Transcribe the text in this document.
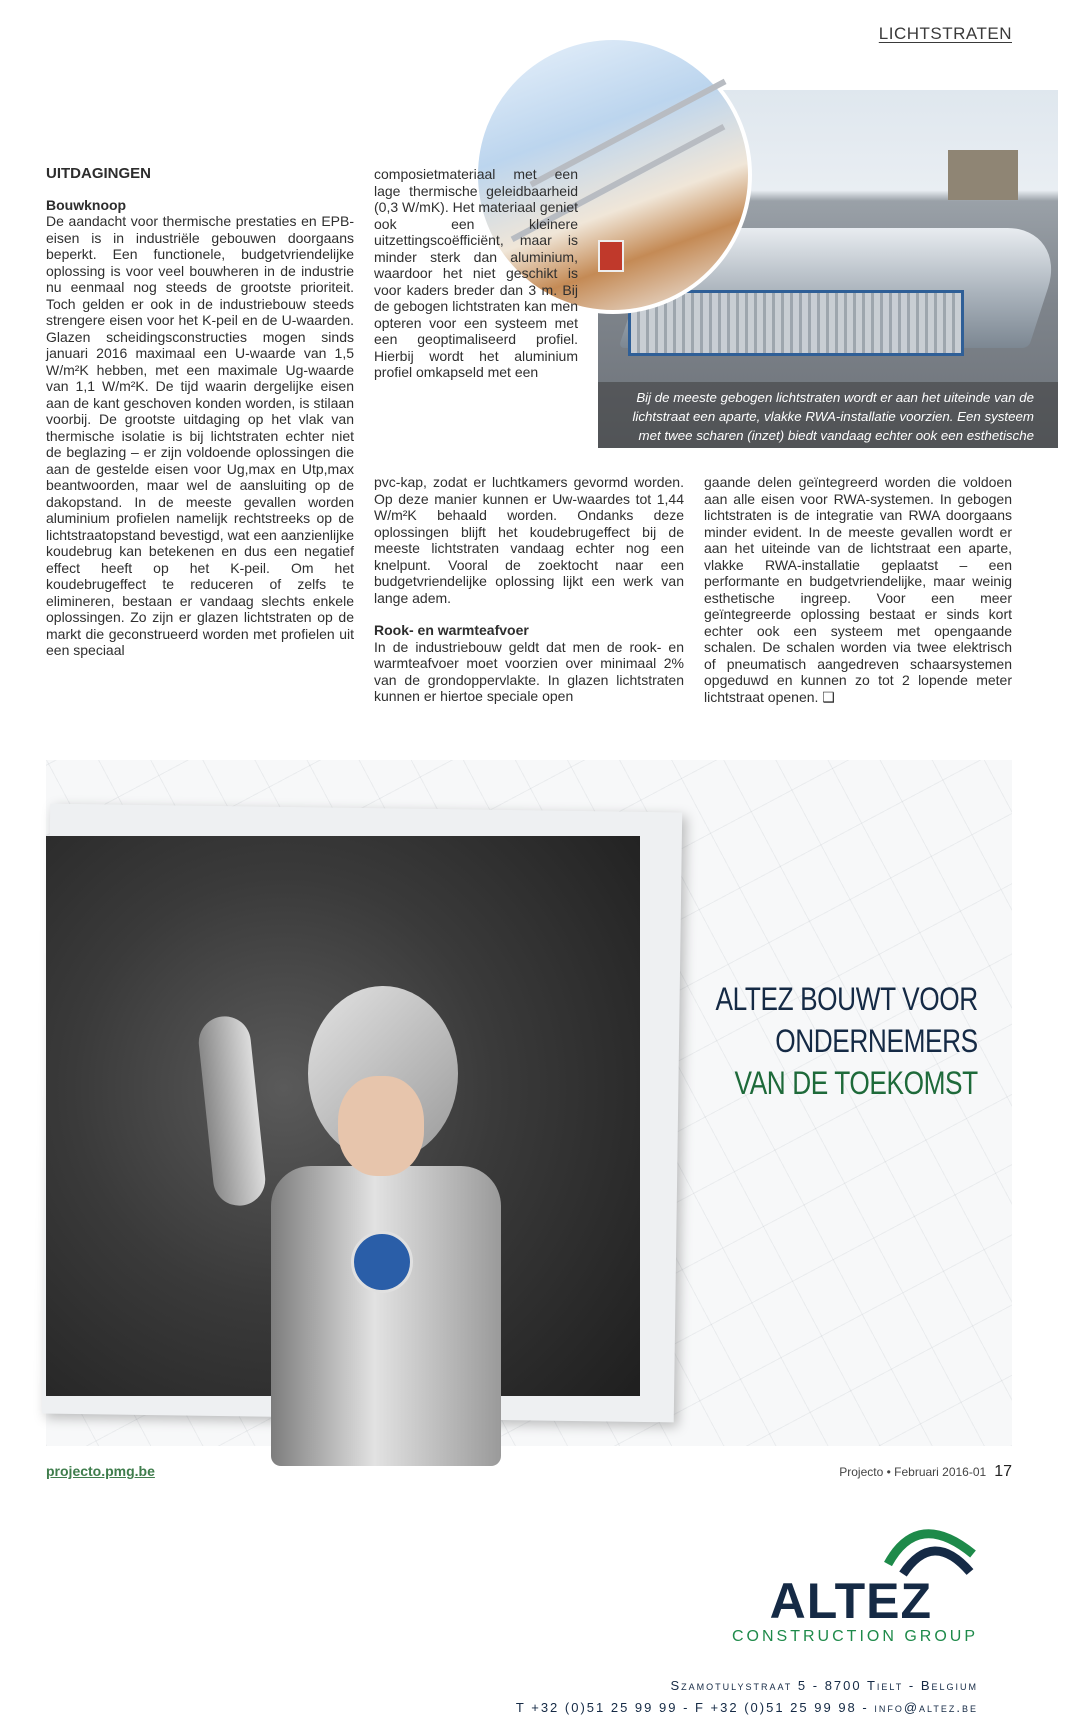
LICHTSTRATEN
Bij de meeste gebogen lichtstraten wordt er aan het uiteinde van de lichtstraat een aparte, vlakke RWA-installatie voorzien. Een systeem met twee scharen (inzet) biedt vandaag echter ook een esthetische oplossing
UITDAGINGEN
Bouwknoop

De aandacht voor thermische prestaties en EPB-eisen is in industriële gebouwen doorgaans beperkt. Een functionele, budgetvriendelijke oplossing is voor veel bouwheren in de industrie nu eenmaal nog steeds de grootste prioriteit. Toch gelden er ook in de industriebouw steeds strengere eisen voor het K-peil en de U-waarden. Glazen scheidingsconstructies mogen sinds januari 2016 maximaal een U-waarde van 1,5 W/m²K hebben, met een maximale Ug-waarde van 1,1 W/m²K. De tijd waarin dergelijke eisen aan de kant geschoven konden worden, is stilaan voorbij. De grootste uitdaging op het vlak van thermische isolatie is bij lichtstraten echter niet de beglazing – er zijn voldoende oplossingen die aan de gestelde eisen voor Ug,max en Utp,max beantwoorden, maar wel de aansluiting op de dakopstand. In de meeste gevallen worden aluminium profielen namelijk rechtstreeks op de lichtstraatopstand bevestigd, wat een aanzienlijke koudebrug kan betekenen en dus een negatief effect heeft op het K-peil. Om het koudebrugeffect te reduceren of zelfs te elimineren, bestaan er vandaag slechts enkele oplossingen. Zo zijn er glazen lichtstraten op de markt die geconstrueerd worden met profielen uit een speciaal

composietmateriaal met een lage thermische geleidbaarheid (0,3 W/mK). Het materiaal geniet ook een kleinere uitzettingscoëfficiënt, maar is minder sterk dan aluminium, waardoor het niet geschikt is voor kaders breder dan 3 m. Bij de gebogen lichtstraten kan men opteren voor een systeem met een geoptimaliseerd profiel. Hierbij wordt het aluminium profiel omkapseld met een

pvc-kap, zodat er luchtkamers gevormd worden. Op deze manier kunnen er Uw-waardes tot 1,44 W/m²K behaald worden. Ondanks deze oplossingen blijft het koudebrugeffect bij de meeste lichtstraten vandaag echter nog een knelpunt. Vooral de zoektocht naar een budgetvriendelijke oplossing lijkt een werk van lange adem.

Rook- en warmteafvoer

In de industriebouw geldt dat men de rook- en warmteafvoer moet voorzien over minimaal 2% van de grondoppervlakte. In glazen lichtstraten kunnen er hiertoe speciale open

gaande delen geïntegreerd worden die voldoen aan alle eisen voor RWA-systemen. In gebogen lichtstraten is de integratie van RWA doorgaans minder evident. In de meeste gevallen wordt er aan het uiteinde van de lichtstraat een aparte, vlakke RWA-installatie geplaatst – een performante en budgetvriendelijke, maar weinig esthetische ingreep. Voor een meer geïntegreerde oplossing bestaat er sinds kort echter ook een systeem met opengaande schalen. De schalen worden via twee elektrisch of pneumatisch aangedreven schaarsystemen opgeduwd en kunnen zo tot 2 lopende meter lichtstraat openen. ❑

ALTEZ BOUWT VOOR
ONDERNEMERS
VAN DE TOEKOMST
ALTEZ
CONSTRUCTION GROUP
Szamotulystraat 5 - 8700 Tielt - Belgium
T +32 (0)51 25 99 99 - F +32 (0)51 25 99 98 - info@altez.be
projecto.pmg.be	Projecto • Februari 2016-01 17
